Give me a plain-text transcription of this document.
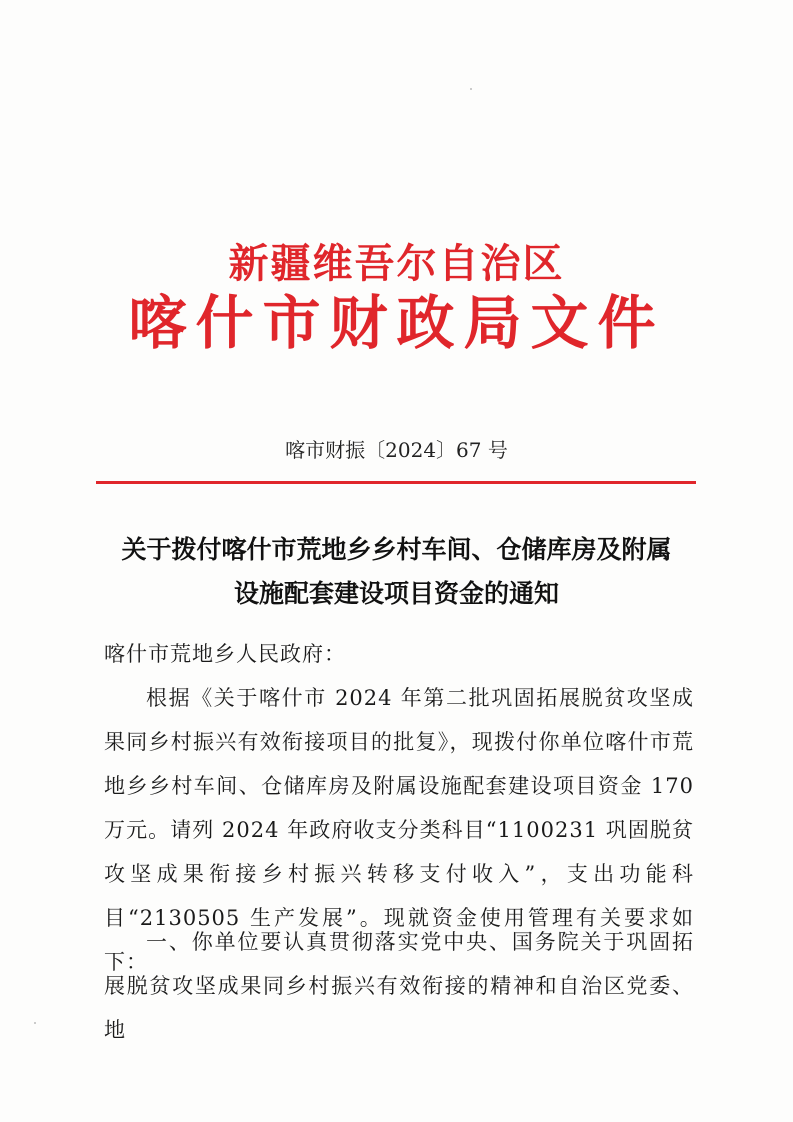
新疆维吾尔自治区
喀什市财政局文件
喀市财振〔2024〕67 号
关于拨付喀什市荒地乡乡村车间、仓储库房及附属
设施配套建设项目资金的通知
喀什市荒地乡人民政府：
根据《关于喀什市 2024 年第二批巩固拓展脱贫攻坚成果同乡村振兴有效衔接项目的批复》，现拨付你单位喀什市荒地乡乡村车间、仓储库房及附属设施配套建设项目资金 170 万元。请列 2024 年政府收支分类科目“1100231 巩固脱贫攻坚成果衔接乡村振兴转移支付收入”，支出功能科目“2130505 生产发展”。现就资金使用管理有关要求如下：
一、你单位要认真贯彻落实党中央、国务院关于巩固拓展脱贫攻坚成果同乡村振兴有效衔接的精神和自治区党委、地
